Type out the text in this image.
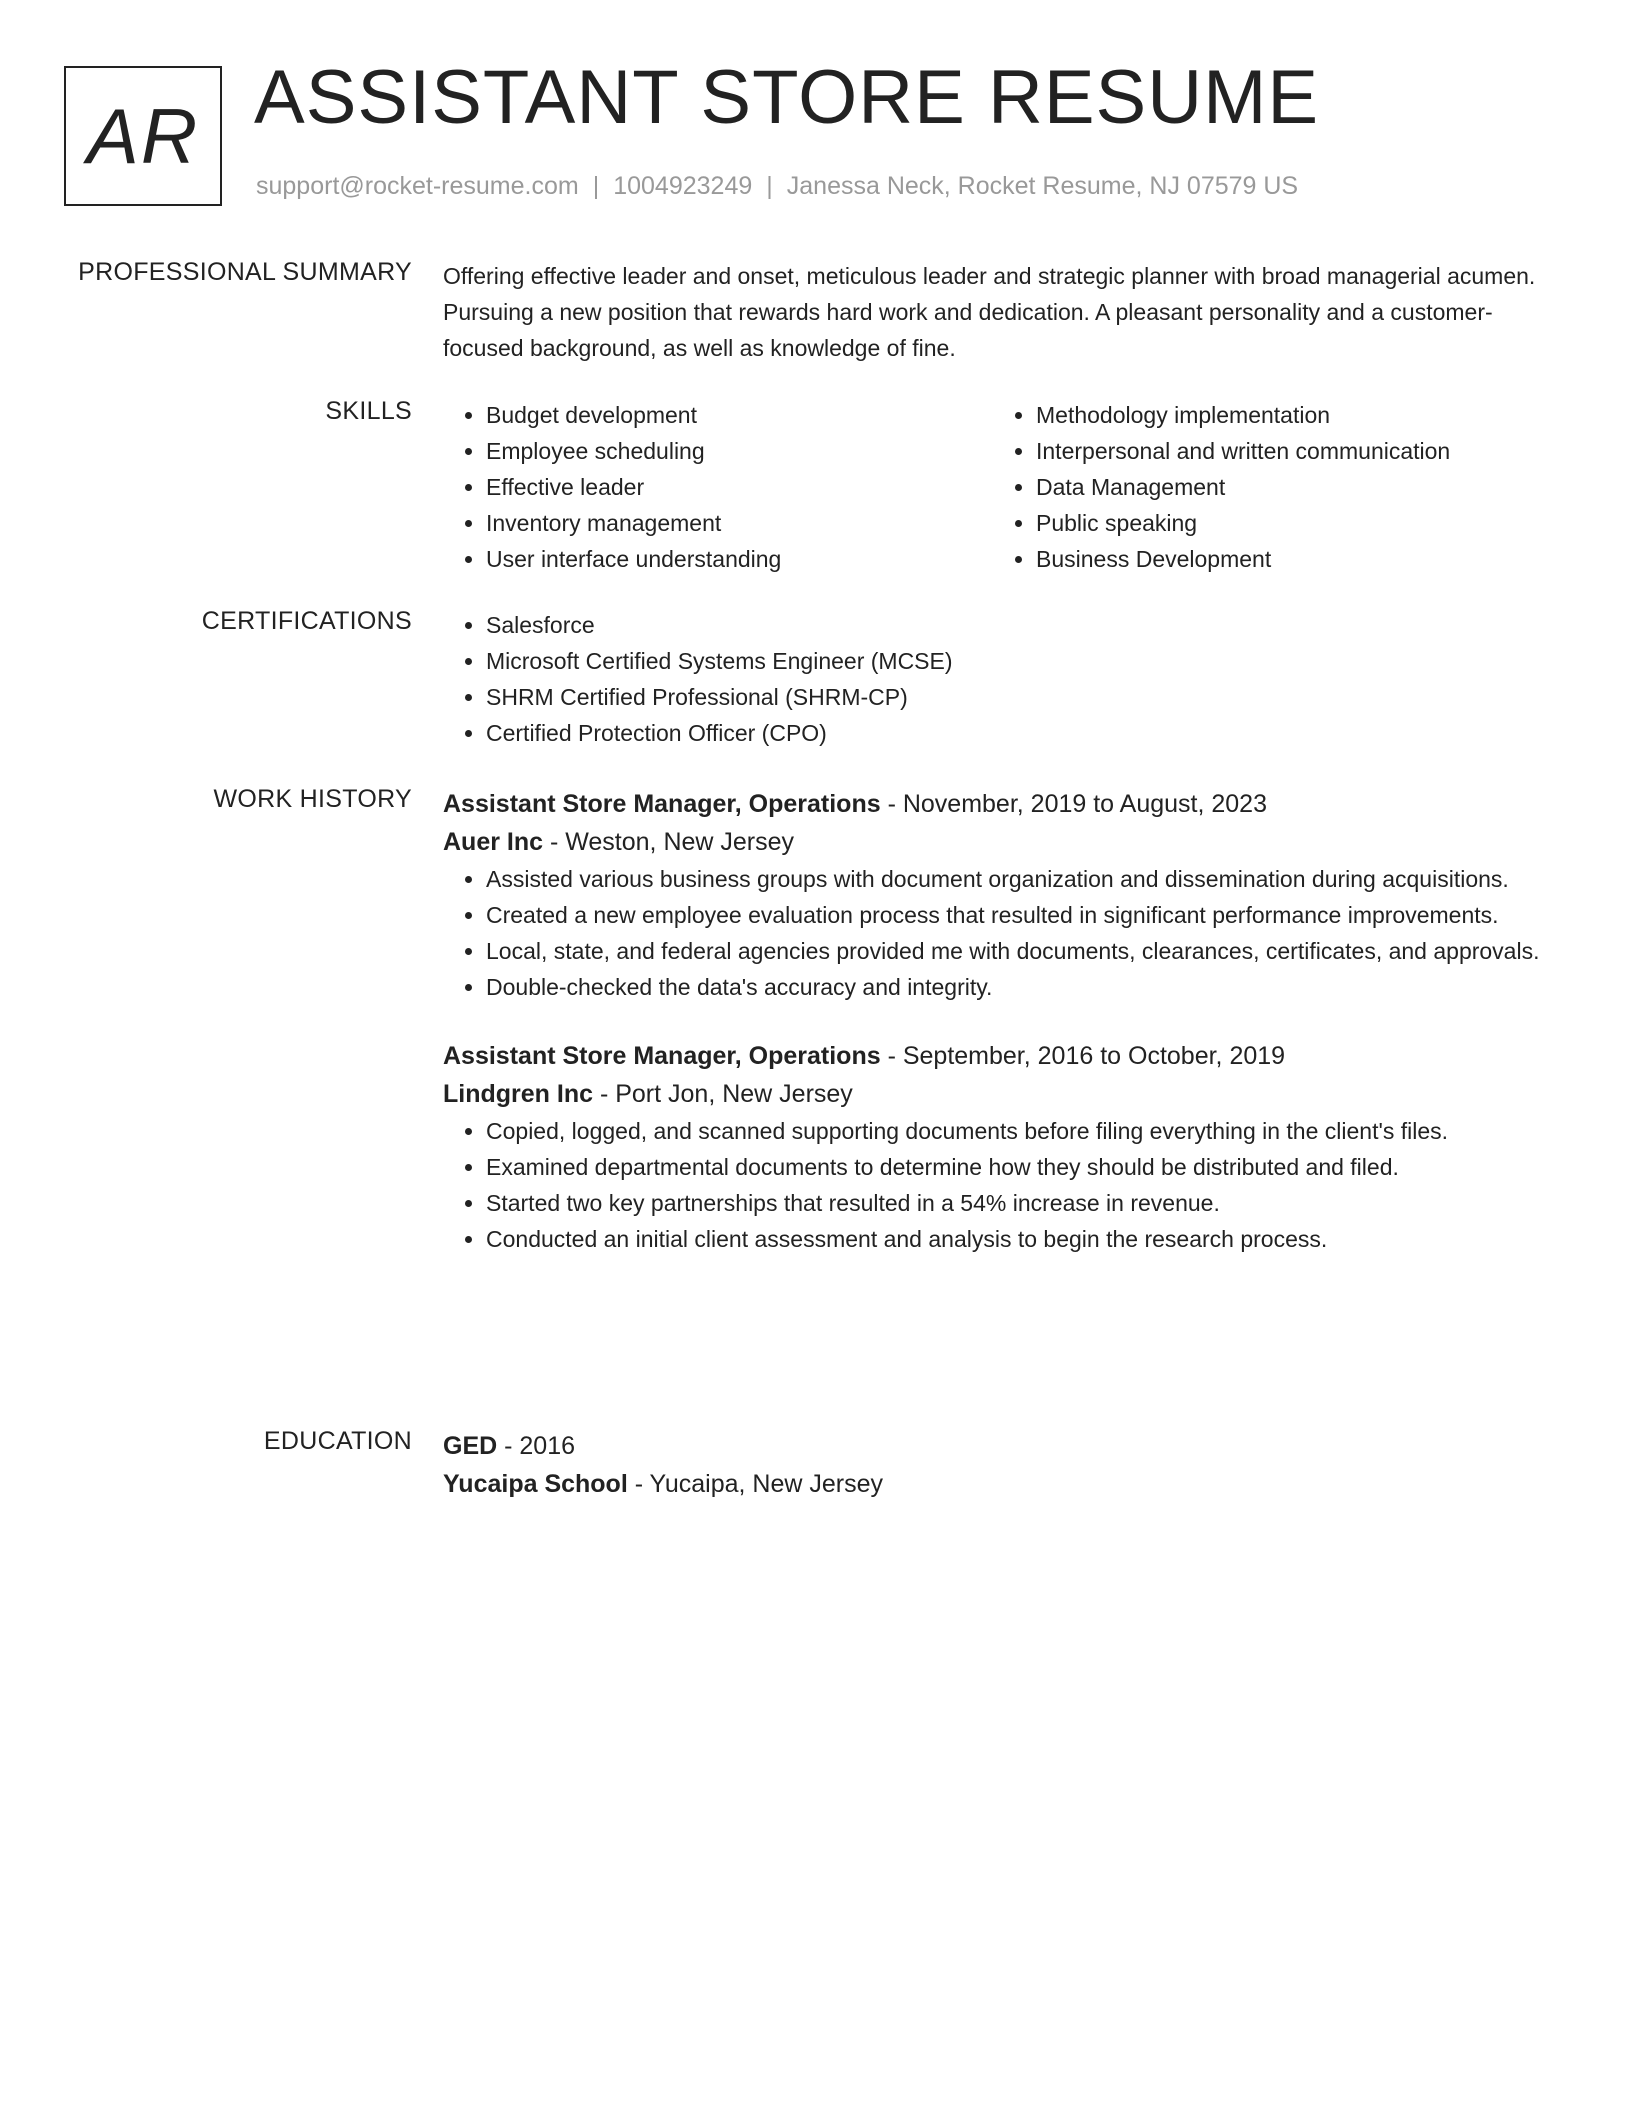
AR ASSISTANT STORE RESUME
support@rocket-resume.com | 1004923249 | Janessa Neck, Rocket Resume, NJ 07579 US
PROFESSIONAL SUMMARY Offering effective leader and onset, meticulous leader and strategic planner with broad managerial acumen. Pursuing a new position that rewards hard work and dedication. A pleasant personality and a customer-focused background, as well as knowledge of fine.

SKILLS	• Budget development
• Employee scheduling
• Effective leader
• Inventory management
• User interface understanding
• Methodology implementation
• Interpersonal and written communication
• Data Management
• Public speaking
• Business Development
CERTIFICATIONS	• Salesforce
• Microsoft Certified Systems Engineer (MCSE)
• SHRM Certified Professional (SHRM-CP)
• Certified Protection Officer (CPO)
WORK HISTORY Assistant Store Manager, Operations - November, 2019 to August, 2023
Auer Inc - Weston, New Jersey
• Assisted various business groups with document organization and dissemination during acquisitions.
• Created a new employee evaluation process that resulted in significant performance improvements.
• Local, state, and federal agencies provided me with documents, clearances, certificates, and approvals.
• Double-checked the data's accuracy and integrity.
Assistant Store Manager, Operations - September, 2016 to October, 2019
Lindgren Inc - Port Jon, New Jersey
• Copied, logged, and scanned supporting documents before filing everything in the client's files.
• Examined departmental documents to determine how they should be distributed and filed.
• Started two key partnerships that resulted in a 54% increase in revenue.
• Conducted an initial client assessment and analysis to begin the research process.
EDUCATION GED - 2016
Yucaipa School - Yucaipa, New Jersey
